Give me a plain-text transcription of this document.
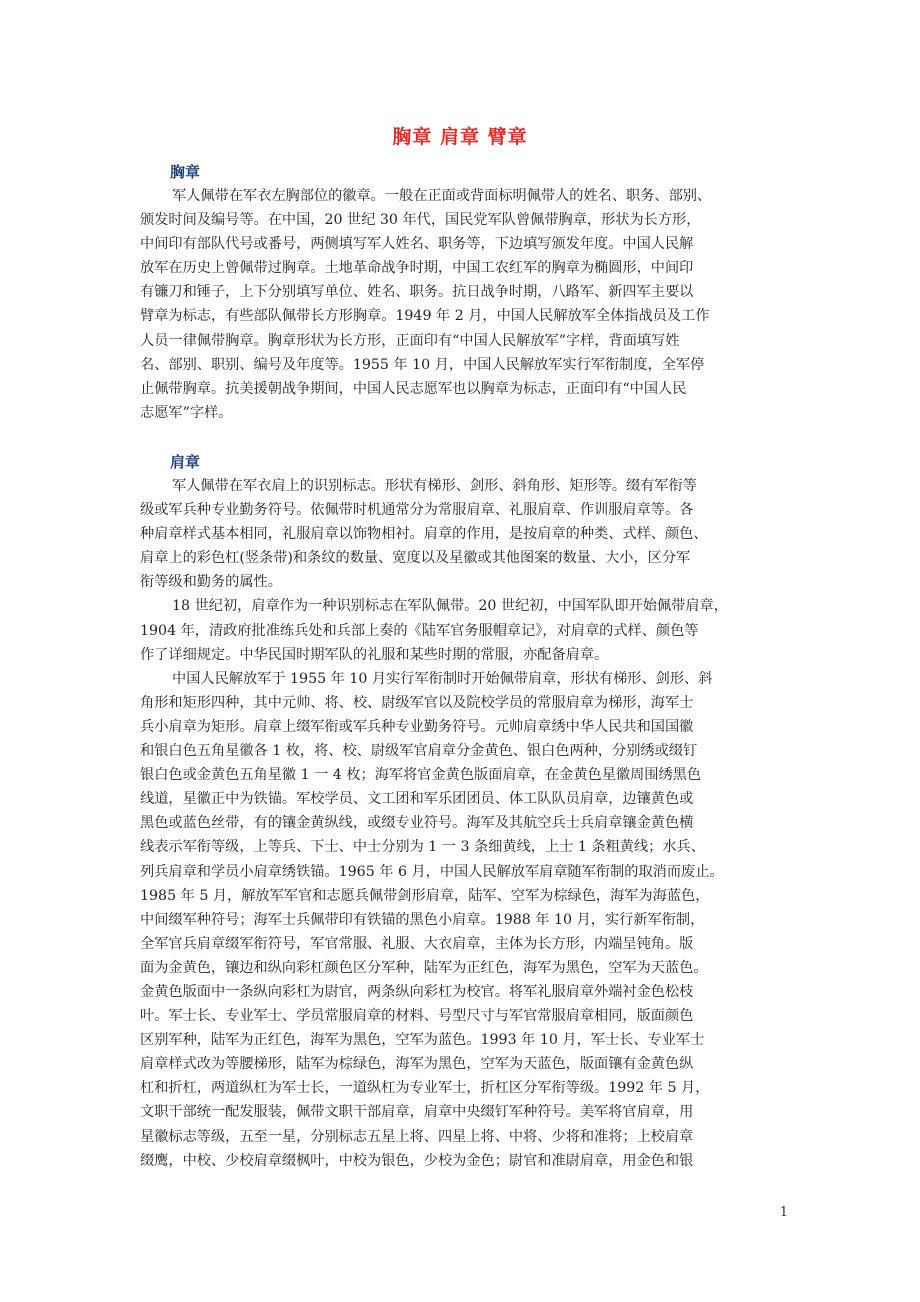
胸章 肩章 臂章
胸章
军人佩带在军衣左胸部位的徽章。一般在正面或背面标明佩带人的姓名、职务、部别、
颁发时间及编号等。在中国，20 世纪 30 年代，国民党军队曾佩带胸章，形状为长方形，
中间印有部队代号或番号，两侧填写军人姓名、职务等，下边填写颁发年度。中国人民解
放军在历史上曾佩带过胸章。土地革命战争时期，中国工农红军的胸章为椭圆形，中间印
有镰刀和锤子，上下分别填写单位、姓名、职务。抗日战争时期，八路军、新四军主要以
臂章为标志，有些部队佩带长方形胸章。1949 年 2 月，中国人民解放军全体指战员及工作
人员一律佩带胸章。胸章形状为长方形，正面印有“中国人民解放军”字样，背面填写姓
名、部别、职别、编号及年度等。1955 年 10 月，中国人民解放军实行军衔制度，全军停
止佩带胸章。抗美援朝战争期间，中国人民志愿军也以胸章为标志，正面印有“中国人民
志愿军”字样。
肩章
军人佩带在军衣肩上的识别标志。形状有梯形、剑形、斜角形、矩形等。缀有军衔等
级或军兵种专业勤务符号。依佩带时机通常分为常服肩章、礼服肩章、作训服肩章等。各
种肩章样式基本相同，礼服肩章以饰物相衬。肩章的作用，是按肩章的种类、式样、颜色、
肩章上的彩色杠(竖条带)和条纹的数量、宽度以及星徽或其他图案的数量、大小，区分军
衔等级和勤务的属性。
18 世纪初，肩章作为一种识别标志在军队佩带。20 世纪初，中国军队即开始佩带肩章，
1904 年，清政府批准练兵处和兵部上奏的《陆军官务服帽章记》，对肩章的式样、颜色等
作了详细规定。中华民国时期军队的礼服和某些时期的常服，亦配备肩章。
中国人民解放军于 1955 年 10 月实行军衔制时开始佩带肩章，形状有梯形、剑形、斜
角形和矩形四种，其中元帅、将、校、尉级军官以及院校学员的常服肩章为梯形，海军士
兵小肩章为矩形。肩章上缀军衔或军兵种专业勤务符号。元帅肩章绣中华人民共和国国徽
和银白色五角星徽各 1 枚，将、校、尉级军官肩章分金黄色、银白色两种，分别绣或缀钉
银白色或金黄色五角星徽 1 一 4 枚；海军将官金黄色版面肩章，在金黄色星徽周围绣黑色
线道，星徽正中为铁锚。军校学员、文工团和军乐团团员、体工队队员肩章，边镶黄色或
黑色或蓝色丝带，有的镶金黄纵线，或缀专业符号。海军及其航空兵士兵肩章镶金黄色横
线表示军衔等级，上等兵、下士、中士分别为 1 一 3 条细黄线，上士 1 条粗黄线；水兵、
列兵肩章和学员小肩章绣铁锚。1965 年 6 月，中国人民解放军肩章随军衔制的取消而废止。
1985 年 5 月，解放军军官和志愿兵佩带剑形肩章，陆军、空军为棕绿色，海军为海蓝色，
中间缀军种符号；海军士兵佩带印有铁锚的黑色小肩章。1988 年 10 月，实行新军衔制，
全军官兵肩章缀军衔符号，军官常服、礼服、大衣肩章，主体为长方形，内端呈钝角。版
面为金黄色，镶边和纵向彩杠颜色区分军种，陆军为正红色，海军为黑色，空军为天蓝色。
金黄色版面中一条纵向彩杠为尉官，两条纵向彩杠为校官。将军礼服肩章外端衬金色松枝
叶。军士长、专业军士、学员常服肩章的材料、号型尺寸与军官常服肩章相同，版面颜色
区别军种，陆军为正红色，海军为黑色，空军为蓝色。1993 年 10 月，军士长、专业军士
肩章样式改为等腰梯形，陆军为棕绿色，海军为黑色，空军为天蓝色，版面镶有金黄色纵
杠和折杠，两道纵杠为军士长，一道纵杠为专业军士，折杠区分军衔等级。1992 年 5 月，
文职干部统一配发服装，佩带文职干部肩章，肩章中央缀钉军种符号。美军将官肩章，用
星徽标志等级，五至一星，分别标志五星上将、四星上将、中将、少将和准将；上校肩章
缀鹰，中校、少校肩章缀枫叶，中校为银色，少校为金色；尉官和准尉肩章，用金色和银
1
